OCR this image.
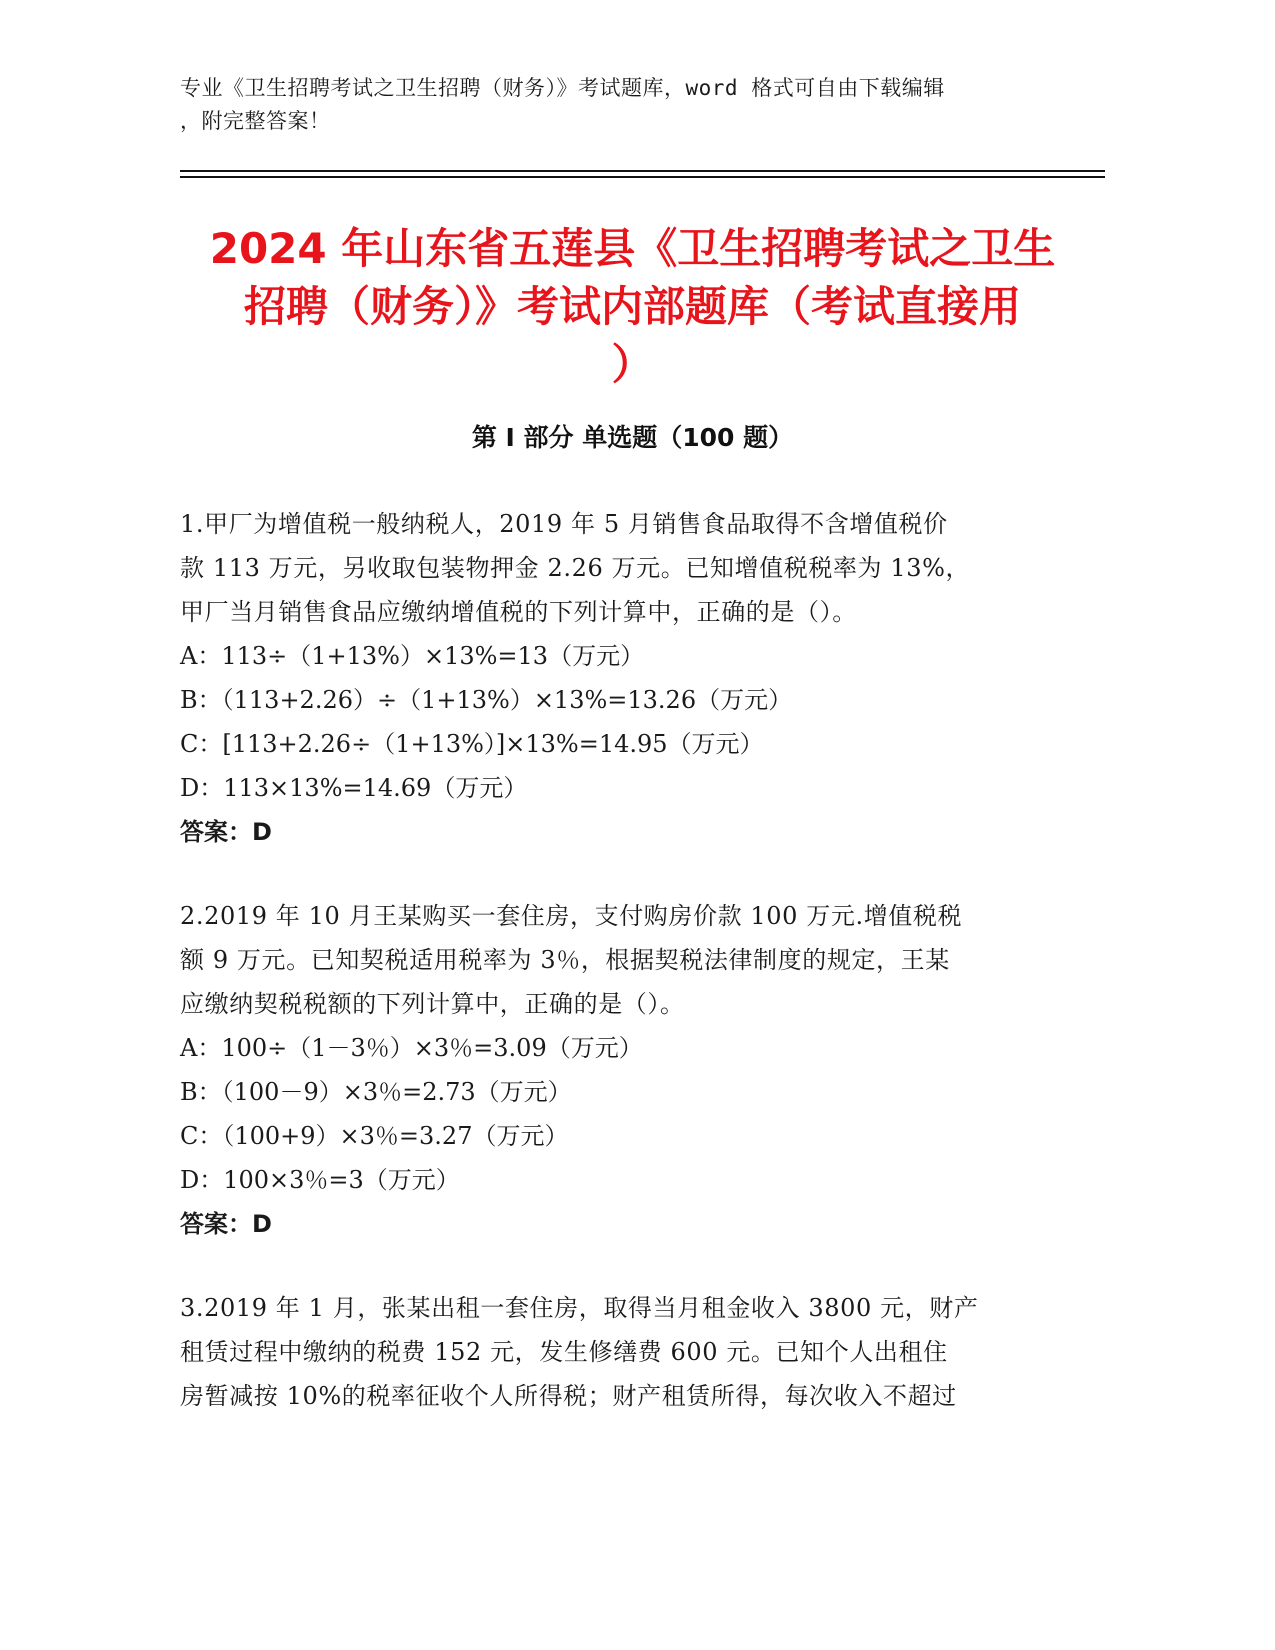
专业《卫生招聘考试之卫生招聘（财务）》考试题库，word 格式可自由下载编辑

，附完整答案！

2024 年山东省五莲县《卫生招聘考试之卫生

招聘（财务）》考试内部题库（考试直接用

）

第 I 部分 单选题（100 题）

1.甲厂为增值税一般纳税人，2019 年 5 月销售食品取得不含增值税价

款 113 万元，另收取包装物押金 2.26 万元。已知增值税税率为 13%，

甲厂当月销售食品应缴纳增值税的下列计算中，正确的是（）。

A：113÷（1+13%）×13%=13（万元）

B：（113+2.26）÷（1+13%）×13%=13.26（万元）

C：[113+2.26÷（1+13%）]×13%=14.95（万元）

D：113×13%=14.69（万元）

答案：D

2.2019 年 10 月王某购买一套住房，支付购房价款 100 万元.增值税税

额 9 万元。已知契税适用税率为 3％，根据契税法律制度的规定，王某

应缴纳契税税额的下列计算中，正确的是（）。

A：100÷（1－3％）×3％=3.09（万元）

B：（100－9）×3％=2.73（万元）

C：（100+9）×3％=3.27（万元）

D：100×3％=3（万元）

答案：D

3.2019 年 1 月，张某出租一套住房，取得当月租金收入 3800 元，财产

租赁过程中缴纳的税费 152 元，发生修缮费 600 元。已知个人出租住

房暂减按 10%的税率征收个人所得税；财产租赁所得，每次收入不超过
